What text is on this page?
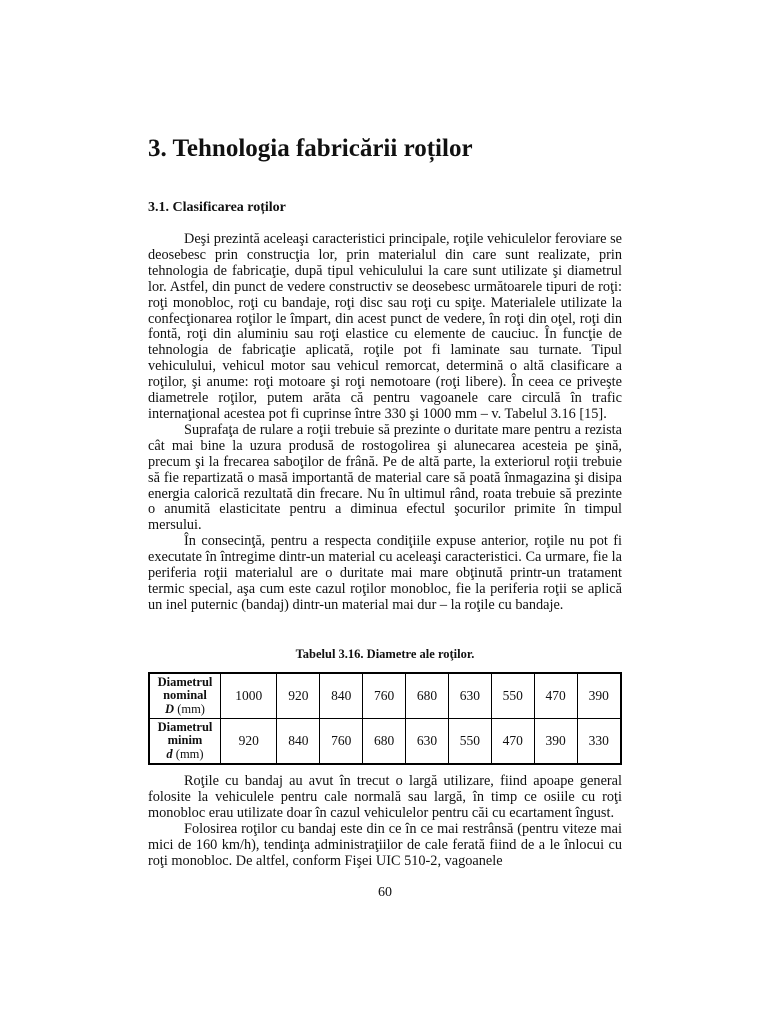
3. Tehnologia fabricării roților
3.1. Clasificarea roților

Deşi prezintă aceleaşi caracteristici principale, roţile vehiculelor feroviare se deosebesc prin construcţia lor, prin materialul din care sunt realizate, prin tehnologia de fabricaţie, după tipul vehiculului la care sunt utilizate şi diametrul lor. Astfel, din punct de vedere constructiv se deosebesc următoarele tipuri de roţi: roţi monobloc, roţi cu bandaje, roţi disc sau roţi cu spiţe. Materialele utilizate la confecţionarea roţilor le împart, din acest punct de vedere, în roţi din oţel, roţi din fontă, roţi din aluminiu sau roţi elastice cu elemente de cauciuc. În funcţie de tehnologia de fabricaţie aplicată, roţile pot fi laminate sau turnate. Tipul vehiculului, vehicul motor sau vehicul remorcat, determină o altă clasificare a roţilor, şi anume: roţi motoare şi roţi nemotoare (roţi libere). În ceea ce priveşte diametrele roţilor, putem arăta că pentru vagoanele care circulă în trafic internaţional acestea pot fi cuprinse între 330 şi 1000 mm – v. Tabelul 3.16 [15].

Suprafaţa de rulare a roţii trebuie să prezinte o duritate mare pentru a rezista cât mai bine la uzura produsă de rostogolirea şi alunecarea acesteia pe şină, precum şi la frecarea saboţilor de frână. Pe de altă parte, la exteriorul roţii trebuie să fie repartizată o masă importantă de material care să poată înmagazina şi disipa energia calorică rezultată din frecare. Nu în ultimul rând, roata trebuie să prezinte o anumită elasticitate pentru a diminua efectul şocurilor primite în timpul mersului.

În consecinţă, pentru a respecta condiţiile expuse anterior, roţile nu pot fi executate în întregime dintr-un material cu aceleaşi caracteristici. Ca urmare, fie la periferia roţii materialul are o duritate mai mare obţinută printr-un tratament termic special, aşa cum este cazul roţilor monobloc, fie la periferia roţii se aplică un inel puternic (bandaj) dintr-un material mai dur – la roţile cu bandaje.

Tabelul 3.16. Diametre ale roţilor.
Diametrul
nominal
D (mm)	1000	920	840	760	680	630	550	470	390
Diametrul
minim
d (mm)	920	840	760	680	630	550	470	390	330

Roţile cu bandaj au avut în trecut o largă utilizare, fiind apoape general folosite la vehiculele pentru cale normală sau largă, în timp ce osiile cu roţi monobloc erau utilizate doar în cazul vehiculelor pentru căi cu ecartament îngust.

Folosirea roţilor cu bandaj este din ce în ce mai restrânsă (pentru viteze mai mici de 160 km/h), tendinţa administraţiilor de cale ferată fiind de a le înlocui cu roţi monobloc. De altfel, conform Fişei UIC 510-2, vagoanele

60
